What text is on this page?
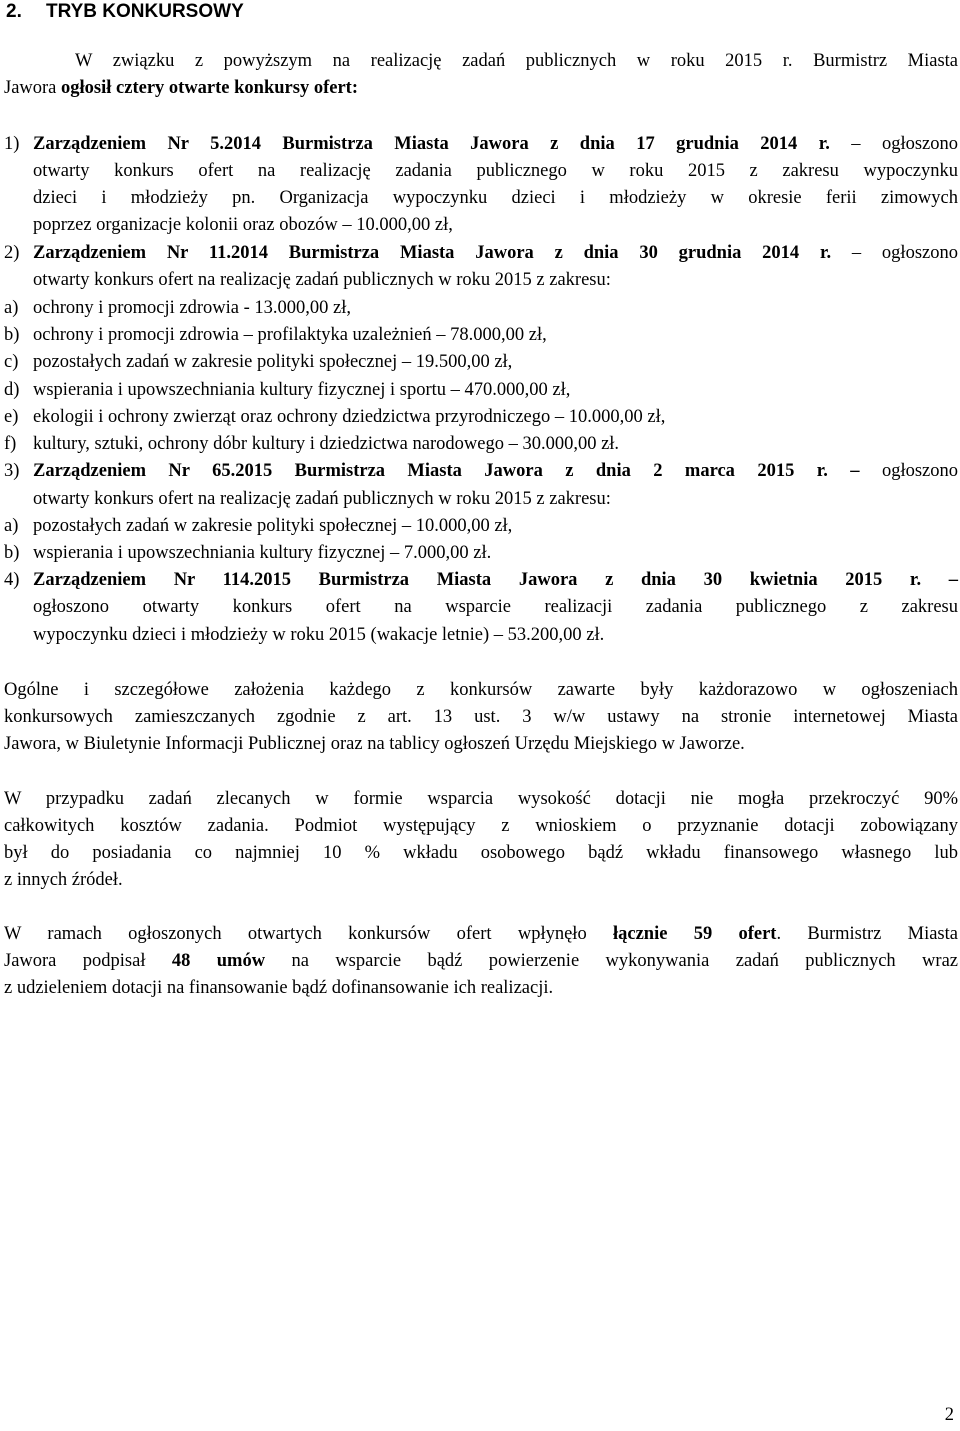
2. TRYB KONKURSOWY
W związku z powyższym na realizację zadań publicznych w roku 2015 r. Burmistrz Miasta
Jawora ogłosił cztery otwarte konkursy ofert:
1) Zarządzeniem Nr 5.2014 Burmistrza Miasta Jawora z dnia 17 grudnia 2014 r. – ogłoszono
otwarty konkurs ofert na realizację zadania publicznego w roku 2015 z zakresu wypoczynku
dzieci i młodzieży pn. Organizacja wypoczynku dzieci i młodzieży w okresie ferii zimowych
poprzez organizacje kolonii oraz obozów – 10.000,00 zł,
2) Zarządzeniem Nr 11.2014 Burmistrza Miasta Jawora z dnia 30 grudnia 2014 r. – ogłoszono
otwarty konkurs ofert na realizację zadań publicznych w roku 2015 z zakresu:
a) ochrony i promocji zdrowia - 13.000,00 zł,
b) ochrony i promocji zdrowia – profilaktyka uzależnień – 78.000,00 zł,
c) pozostałych zadań w zakresie polityki społecznej – 19.500,00 zł,
d) wspierania i upowszechniania kultury fizycznej i sportu – 470.000,00 zł,
e) ekologii i ochrony zwierząt oraz ochrony dziedzictwa przyrodniczego – 10.000,00 zł,
f) kultury, sztuki, ochrony dóbr kultury i dziedzictwa narodowego – 30.000,00 zł.
3) Zarządzeniem Nr 65.2015 Burmistrza Miasta Jawora z dnia 2 marca 2015 r. – ogłoszono
otwarty konkurs ofert na realizację zadań publicznych w roku 2015 z zakresu:
a) pozostałych zadań w zakresie polityki społecznej – 10.000,00 zł,
b) wspierania i upowszechniania kultury fizycznej – 7.000,00 zł.
4) Zarządzeniem Nr 114.2015 Burmistrza Miasta Jawora z dnia 30 kwietnia 2015 r. –
ogłoszono otwarty konkurs ofert na wsparcie realizacji zadania publicznego z zakresu
wypoczynku dzieci i młodzieży w roku 2015 (wakacje letnie) – 53.200,00 zł.
Ogólne i szczegółowe założenia każdego z konkursów zawarte były każdorazowo w ogłoszeniach
konkursowych zamieszczanych zgodnie z art. 13 ust. 3 w/w ustawy na stronie internetowej Miasta
Jawora, w Biuletynie Informacji Publicznej oraz na tablicy ogłoszeń Urzędu Miejskiego w Jaworze.
W przypadku zadań zlecanych w formie wsparcia wysokość dotacji nie mogła przekroczyć 90%
całkowitych kosztów zadania. Podmiot występujący z wnioskiem o przyznanie dotacji zobowiązany
był do posiadania co najmniej 10 % wkładu osobowego bądź wkładu finansowego własnego lub
z innych źródeł.
W ramach ogłoszonych otwartych konkursów ofert wpłynęło łącznie 59 ofert. Burmistrz Miasta
Jawora podpisał 48 umów na wsparcie bądź powierzenie wykonywania zadań publicznych wraz
z udzieleniem dotacji na finansowanie bądź dofinansowanie ich realizacji.
2
